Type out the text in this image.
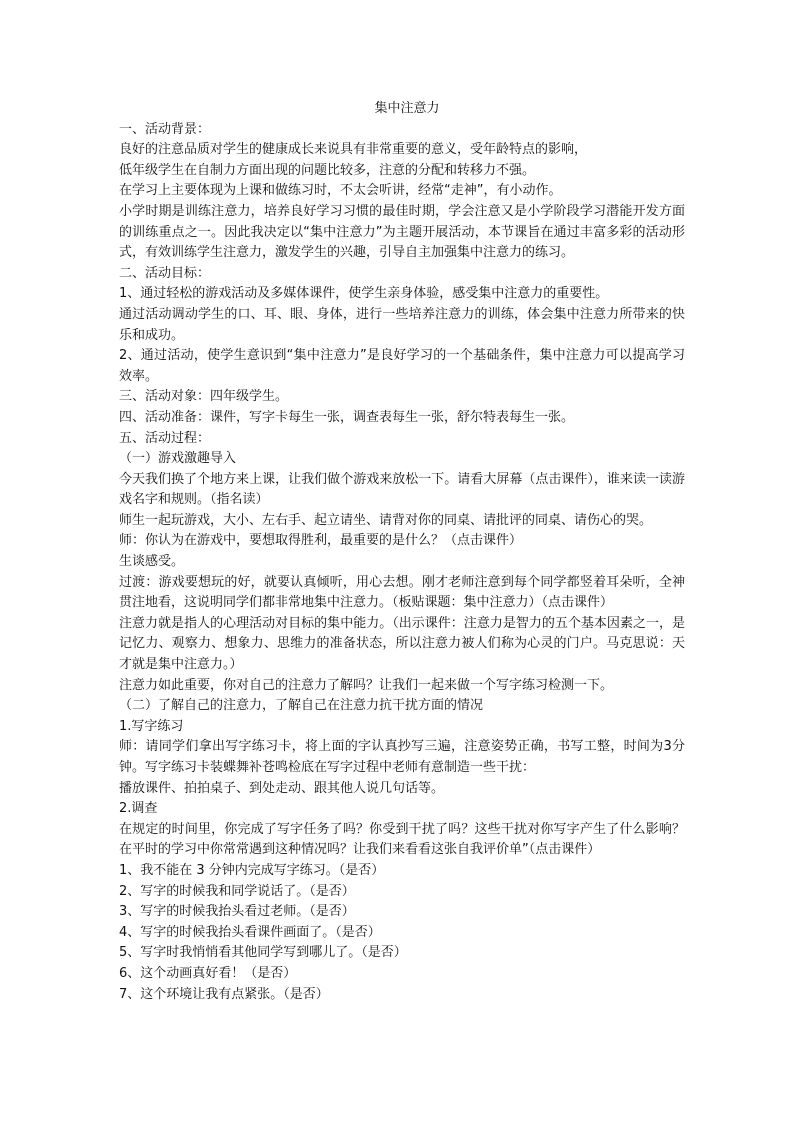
集中注意力

一、活动背景：

良好的注意品质对学生的健康成长来说具有非常重要的意义，受年龄特点的影响，

低年级学生在自制力方面出现的问题比较多，注意的分配和转移力不强。

在学习上主要体现为上课和做练习时，不太会听讲，经常“走神”，有小动作。

小学时期是训练注意力，培养良好学习习惯的最佳时期，学会注意又是小学阶段学习潜能开发方面的训练重点之一。因此我决定以“集中注意力”为主题开展活动，本节课旨在通过丰富多彩的活动形式，有效训练学生注意力，激发学生的兴趣，引导自主加强集中注意力的练习。

二、活动目标：

1、通过轻松的游戏活动及多媒体课件，使学生亲身体验，感受集中注意力的重要性。

通过活动调动学生的口、耳、眼、身体，进行一些培养注意力的训练，体会集中注意力所带来的快乐和成功。

2、通过活动，使学生意识到“集中注意力”是良好学习的一个基础条件，集中注意力可以提高学习效率。

三、活动对象：四年级学生。

四、活动准备：课件，写字卡每生一张，调查表每生一张，舒尔特表每生一张。

五、活动过程：

（一）游戏激趣导入

今天我们换了个地方来上课，让我们做个游戏来放松一下。请看大屏幕（点击课件），谁来读一读游戏名字和规则。（指名读）

师生一起玩游戏，大小、左右手、起立请坐、请背对你的同桌、请批评的同桌、请伤心的哭。

师：你认为在游戏中，要想取得胜利，最重要的是什么？（点击课件）

生谈感受。

过渡：游戏要想玩的好，就要认真倾听，用心去想。刚才老师注意到每个同学都竖着耳朵听，全神贯注地看，这说明同学们都非常地集中注意力。（板贴课题：集中注意力）（点击课件）

注意力就是指人的心理活动对目标的集中能力。（出示课件：注意力是智力的五个基本因素之一，是记忆力、观察力、想象力、思维力的准备状态，所以注意力被人们称为心灵的门户。马克思说：天才就是集中注意力。）

注意力如此重要，你对自己的注意力了解吗？让我们一起来做一个写字练习检测一下。

（二）了解自己的注意力，了解自己在注意力抗干扰方面的情况

1.写字练习

师：请同学们拿出写字练习卡，将上面的字认真抄写三遍，注意姿势正确，书写工整，时间为3分钟。写字练习卡装蝶舞补苍鸣检底在写字过程中老师有意制造一些干扰：

播放课件、拍拍桌子、到处走动、跟其他人说几句话等。

2.调查

在规定的时间里，你完成了写字任务了吗？你受到干扰了吗？这些干扰对你写字产生了什么影响？在平时的学习中你常常遇到这种情况吗？让我们来看看这张自我评价单”（点击课件）

1、我不能在 3 分钟内完成写字练习。（是否）

2、写字的时候我和同学说话了。（是否）

3、写字的时候我抬头看过老师。（是否）

4、写字的时候我抬头看课件画面了。（是否）

5、写字时我悄悄看其他同学写到哪儿了。（是否）

6、这个动画真好看！（是否）

7、这个环境让我有点紧张。（是否）
